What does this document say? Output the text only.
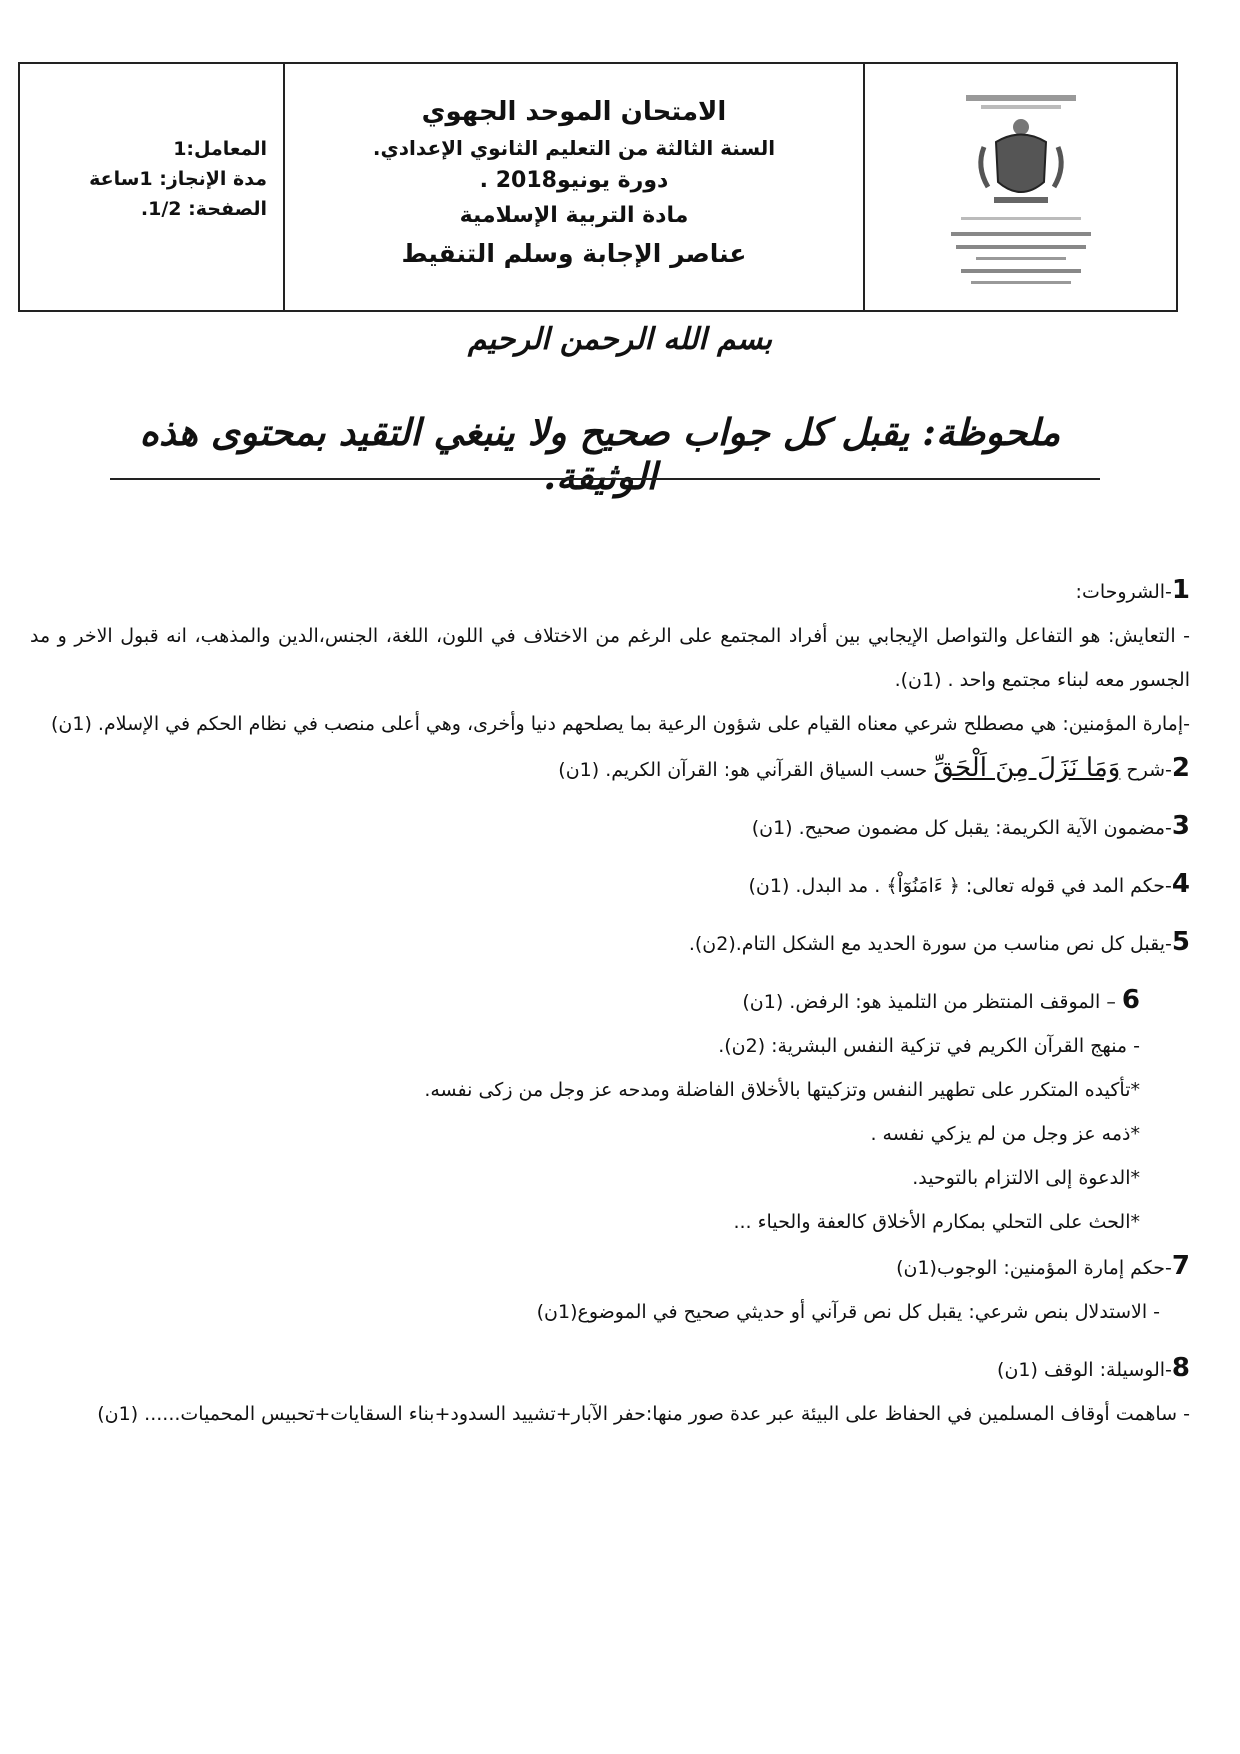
المعامل:1
مدة الإنجاز: 1ساعة
الصفحة: 1/2.
الامتحان الموحد الجهوي
السنة الثالثة من التعليم الثانوي الإعدادي.
دورة يونيو2018 .
مادة التربية الإسلامية
عناصر الإجابة وسلم التنقيط
بسم الله الرحمن الرحيم
ملحوظة: يقبل كل جواب صحيح ولا ينبغي التقيد بمحتوى هذه الوثيقة.

1-الشروحات:

- التعايش: هو التفاعل والتواصل الإيجابي بين أفراد المجتمع على الرغم من الاختلاف في اللون، اللغة، الجنس،الدين والمذهب، انه قبول الاخر و مد الجسور معه لبناء مجتمع واحد . (1ن).

-إمارة المؤمنين: هي مصطلح شرعي معناه القيام على شؤون الرعية بما يصلحهم دنيا وأخرى، وهي أعلى منصب في نظام الحكم في الإسلام. (1ن)

2-شرح وَمَا نَزَلَ مِنَ اَلْحَقِّ حسب السياق القرآني هو: القرآن الكريم. (1ن)

3-مضمون الآية الكريمة: يقبل كل مضمون صحيح. (1ن)

4-حكم المد في قوله تعالى: ﴿ ءَامَنُوٓاْ﴾ . مد البدل. (1ن)

5-يقبل كل نص مناسب من سورة الحديد مع الشكل التام.(2ن).

6 – الموقف المنتظر من التلميذ هو: الرفض. (1ن)

- منهج القرآن الكريم في تزكية النفس البشرية: (2ن).

*تأكيده المتكرر على تطهير النفس وتزكيتها بالأخلاق الفاضلة ومدحه عز وجل من زكى نفسه.

*ذمه عز وجل من لم يزكي نفسه .

*الدعوة إلى الالتزام بالتوحيد.

*الحث على التحلي بمكارم الأخلاق كالعفة والحياء ...

7-حكم إمارة المؤمنين: الوجوب(1ن)

- الاستدلال بنص شرعي: يقبل كل نص قرآني أو حديثي صحيح في الموضوع(1ن)

8-الوسيلة: الوقف (1ن)

- ساهمت أوقاف المسلمين في الحفاظ على البيئة عبر عدة صور منها:حفر الآبار+تشييد السدود+بناء السقايات+تحبيس المحميات...... (1ن)
